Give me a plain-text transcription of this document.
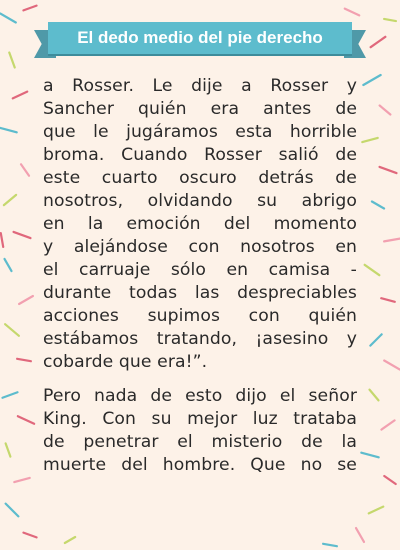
El dedo medio del pie derecho
a Rosser. Le dije a Rosser y
Sancher quién era antes de
que le jugáramos esta horrible
broma. Cuando Rosser salió de
este cuarto oscuro detrás de
nosotros, olvidando su abrigo
en la emoción del momento
y alejándose con nosotros en
el carruaje sólo en camisa -
durante todas las despreciables
acciones supimos con quién
estábamos tratando, ¡asesino y
cobarde que era!”.
Pero nada de esto dijo el señor
King. Con su mejor luz trataba
de penetrar el misterio de la
muerte del hombre. Que no se
